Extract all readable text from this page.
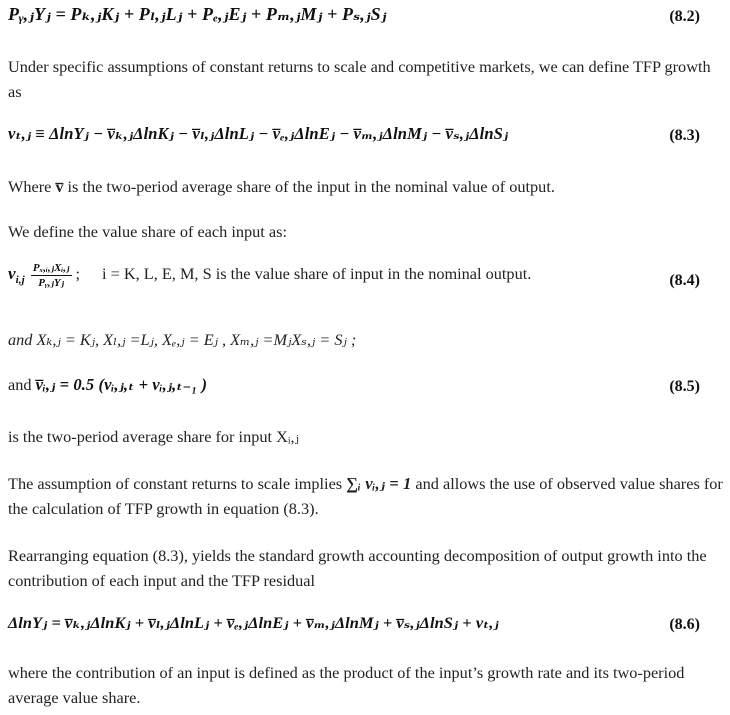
Pᵧ,ⱼYⱼ = Pₖ,ⱼKⱼ + Pₗ,ⱼLⱼ + Pₑ,ⱼEⱼ + Pₘ,ⱼMⱼ + Pₛ,ⱼSⱼ	(8.2)
Under specific assumptions of constant returns to scale and competitive markets, we can define TFP growth as
vₜ,ⱼ ≡ ΔlnYⱼ − v̅ₖ,ⱼΔlnKⱼ − v̅ₗ,ⱼΔlnLⱼ − v̅ₑ,ⱼΔlnEⱼ − v̅ₘ,ⱼΔlnMⱼ − v̅ₛ,ⱼΔlnSⱼ	(8.3)
Where v̅ is the two-period average share of the input in the nominal value of output.
We define the value share of each input as:
$v_{i,j} \frac{\text{Pₓ,ᵢ,ⱼXᵢ,ⱼ}}{\text{Pᵧ,ⱼYⱼ}}$ ; i = K, L, E, M, S is the value share of input in the nominal output.	(8.4)
and Xₖ,ⱼ = Kⱼ, Xₗ,ⱼ =Lⱼ, Xₑ,ⱼ = Eⱼ , Xₘ,ⱼ =MⱼXₛ,ⱼ = Sⱼ ;
and v̅ᵢ,ⱼ = 0.5 (vᵢ,ⱼ,ₜ + vᵢ,ⱼ,ₜ₋₁ )	(8.5)
is the two-period average share for input Xᵢ,ⱼ
The assumption of constant returns to scale implies ∑ᵢ vᵢ,ⱼ = 1 and allows the use of observed value shares for the calculation of TFP growth in equation (8.3).
Rearranging equation (8.3), yields the standard growth accounting decomposition of output growth into the contribution of each input and the TFP residual
ΔlnYⱼ = v̅ₖ,ⱼΔlnKⱼ + v̅ₗ,ⱼΔlnLⱼ + v̅ₑ,ⱼΔlnEⱼ + v̅ₘ,ⱼΔlnMⱼ + v̅ₛ,ⱼΔlnSⱼ + vₜ,ⱼ	(8.6)
where the contribution of an input is defined as the product of the input’s growth rate and its two-period average value share.
